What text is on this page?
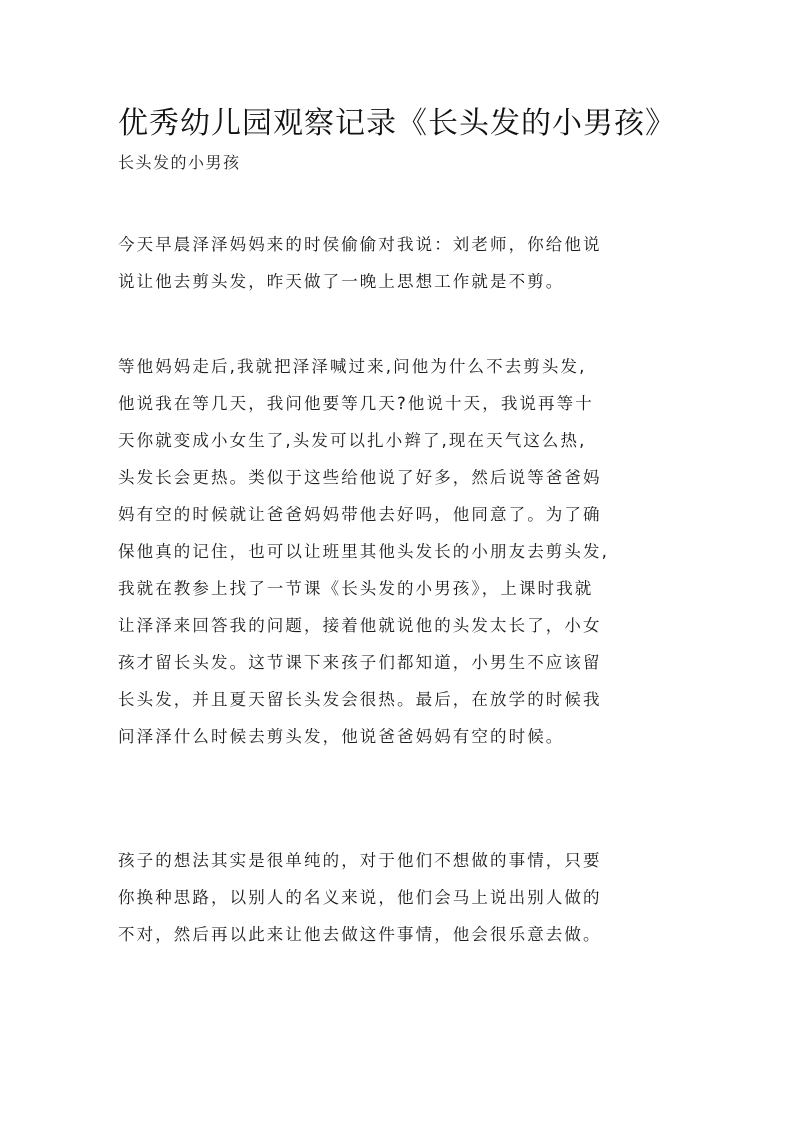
优秀幼儿园观察记录《长头发的小男孩》
长头发的小男孩
今天早晨泽泽妈妈来的时侯偷偷对我说：刘老师，你给他说
说让他去剪头发，昨天做了一晚上思想工作就是不剪。
等他妈妈走后,我就把泽泽喊过来,问他为什么不去剪头发,
他说我在等几天，我问他要等几天?他说十天，我说再等十
天你就变成小女生了,头发可以扎小辫了,现在天气这么热,
头发长会更热。类似于这些给他说了好多，然后说等爸爸妈
妈有空的时候就让爸爸妈妈带他去好吗，他同意了。为了确
保他真的记住，也可以让班里其他头发长的小朋友去剪头发,
我就在教参上找了一节课《长头发的小男孩》，上课时我就
让泽泽来回答我的问题，接着他就说他的头发太长了，小女
孩才留长头发。这节课下来孩子们都知道，小男生不应该留
长头发，并且夏天留长头发会很热。最后，在放学的时候我
问泽泽什么时候去剪头发，他说爸爸妈妈有空的时候。
孩子的想法其实是很单纯的，对于他们不想做的事情，只要
你换种思路，以别人的名义来说，他们会马上说出别人做的
不对，然后再以此来让他去做这件事情，他会很乐意去做。
